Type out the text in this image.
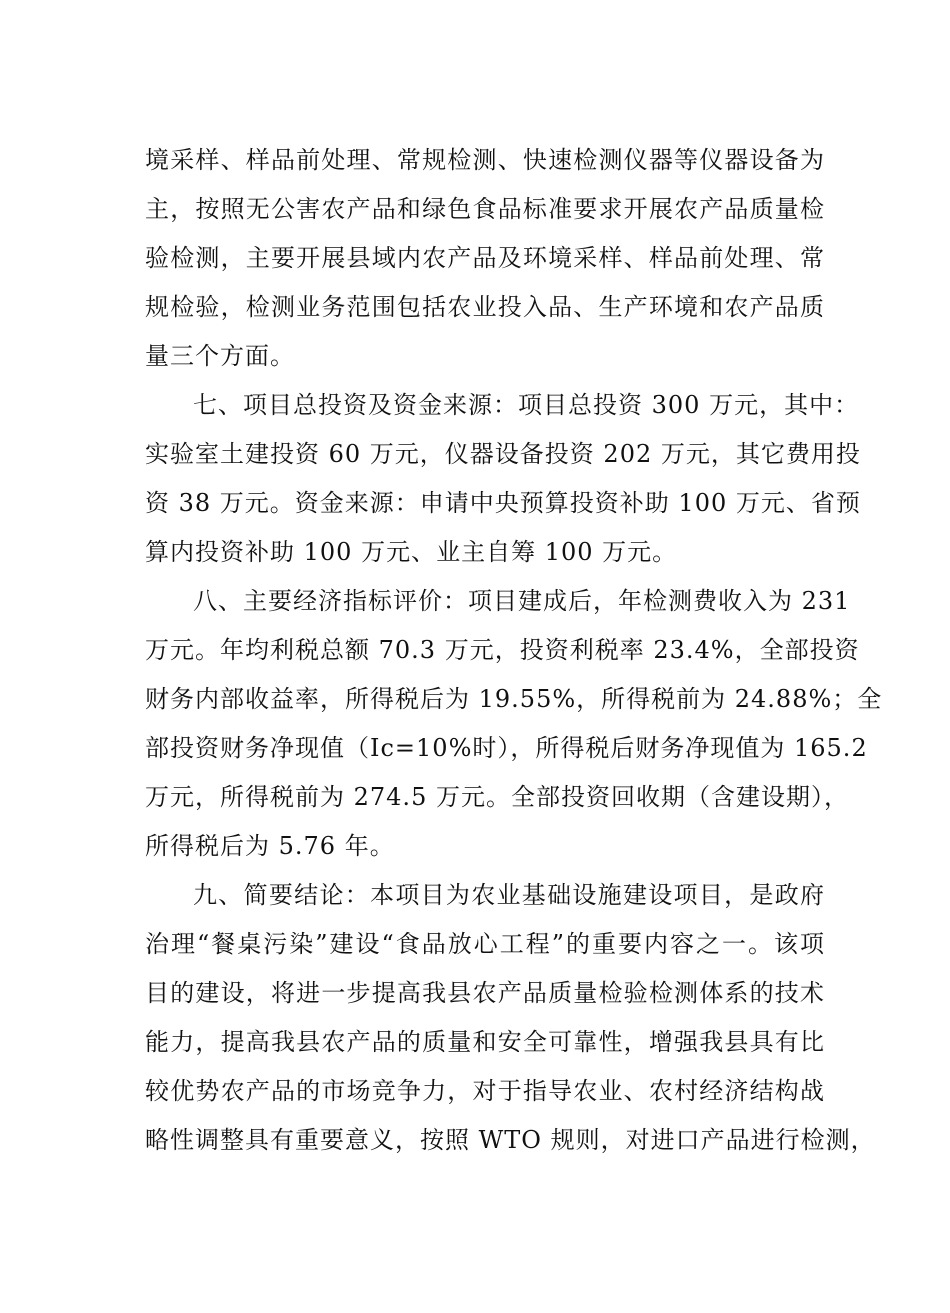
境采样、样品前处理、常规检测、快速检测仪器等仪器设备为
主，按照无公害农产品和绿色食品标准要求开展农产品质量检
验检测，主要开展县域内农产品及环境采样、样品前处理、常
规检验，检测业务范围包括农业投入品、生产环境和农产品质
量三个方面。
七、项目总投资及资金来源：项目总投资 300 万元，其中：
实验室土建投资 60 万元，仪器设备投资 202 万元，其它费用投
资 38 万元。资金来源：申请中央预算投资补助 100 万元、省预
算内投资补助 100 万元、业主自筹 100 万元。
八、主要经济指标评价：项目建成后，年检测费收入为 231
万元。年均利税总额 70.3 万元，投资利税率 23.4%，全部投资
财务内部收益率，所得税后为 19.55%，所得税前为 24.88%；全
部投资财务净现值（Ic=10%时），所得税后财务净现值为 165.2
万元，所得税前为 274.5 万元。全部投资回收期（含建设期），
所得税后为 5.76 年。
九、简要结论：本项目为农业基础设施建设项目，是政府
治理“餐桌污染”建设“食品放心工程”的重要内容之一。该项
目的建设，将进一步提高我县农产品质量检验检测体系的技术
能力，提高我县农产品的质量和安全可靠性，增强我县具有比
较优势农产品的市场竞争力，对于指导农业、农村经济结构战
略性调整具有重要意义，按照 WTO 规则，对进口产品进行检测，
